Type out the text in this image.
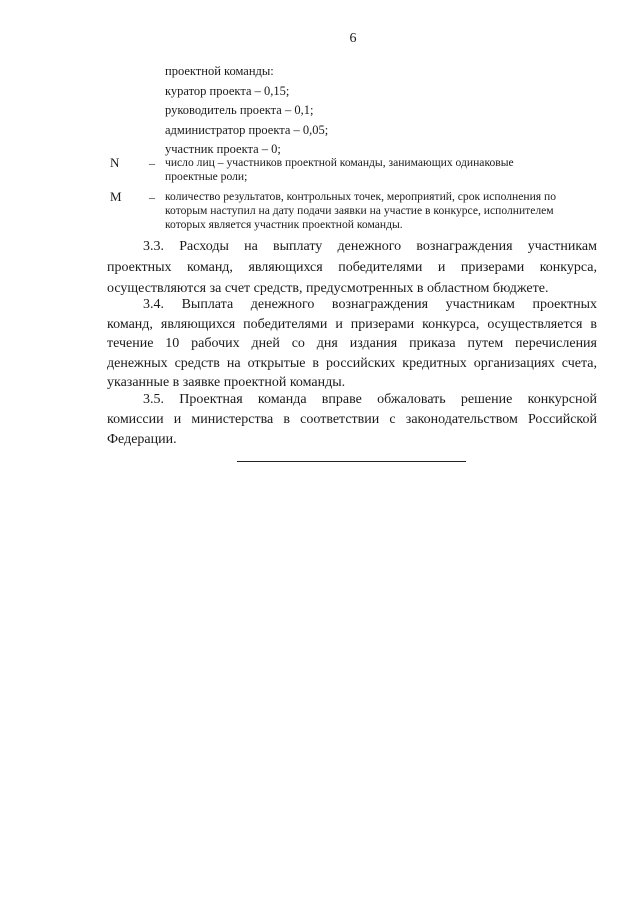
6
проектной команды:
куратор проекта – 0,15;
руководитель проекта – 0,1;
администратор проекта – 0,05;
участник проекта – 0;
N – число лиц – участников проектной команды, занимающих одинаковые
проектные роли;
M – количество результатов, контрольных точек, мероприятий, срок исполнения по
которым наступил на дату подачи заявки на участие в конкурсе, исполнителем
которых является участник проектной команды.
3.3. Расходы на выплату денежного вознаграждения участникам
проектных команд, являющихся победителями и призерами конкурса,
осуществляются за счет средств, предусмотренных в областном бюджете.
3.4. Выплата денежного вознаграждения участникам проектных
команд, являющихся победителями и призерами конкурса, осуществляется в
течение 10 рабочих дней со дня издания приказа путем перечисления
денежных средств на открытые в российских кредитных организациях счета,
указанные в заявке проектной команды.
3.5. Проектная команда вправе обжаловать решение конкурсной
комиссии и министерства в соответствии с законодательством Российской
Федерации.
